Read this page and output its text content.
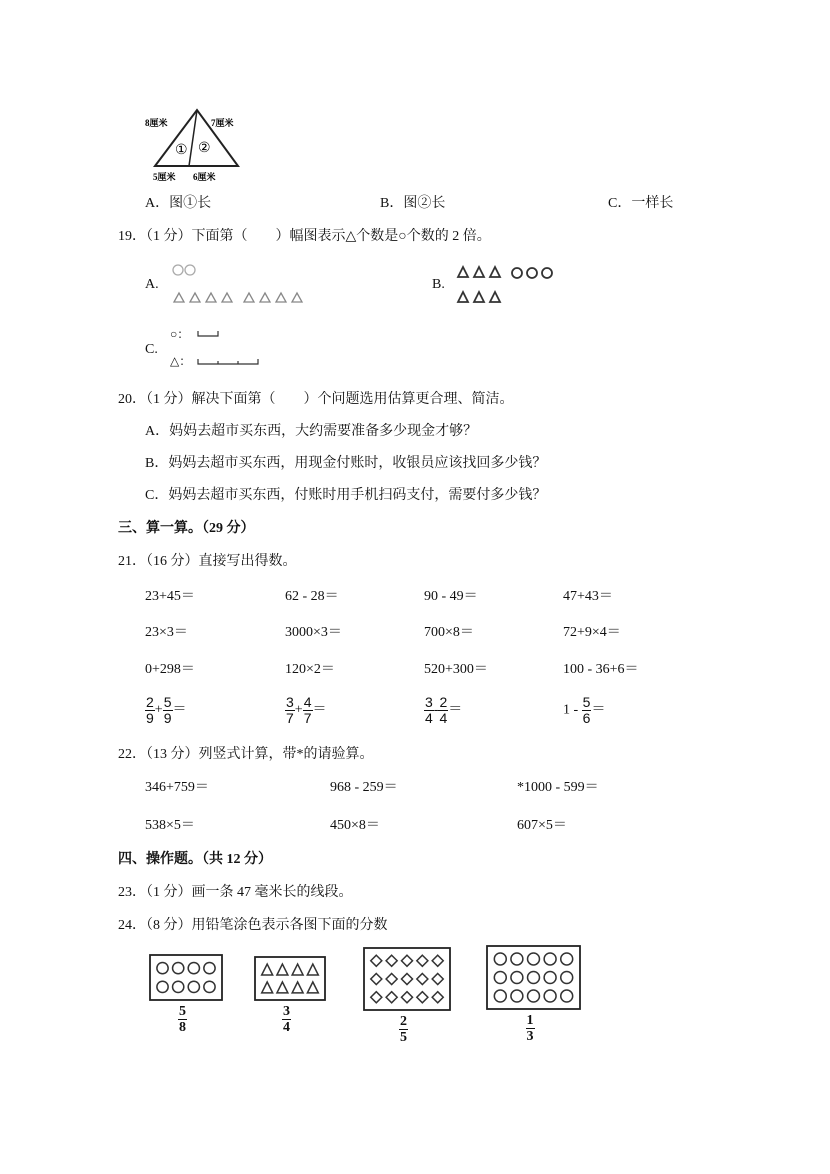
8厘米	7厘米
5厘米 6厘米
① ②
A．图①长	B．图②长	C．一样长
19．（1 分）下面第（　　）幅图表示△个数是○个数的 2 倍。
A.	B.
C.
○：
△：
20．（1 分）解决下面第（　　）个问题选用估算更合理、简洁。
A．妈妈去超市买东西，大约需要准备多少现金才够？
B．妈妈去超市买东西，用现金付账时，收银员应该找回多少钱？
C．妈妈去超市买东西，付账时用手机扫码支付，需要付多少钱？
三、算一算。（29 分）
21．（16 分）直接写出得数。
23+45＝	62 - 28＝	90 - 49＝	47+43＝
23×3＝	3000×3＝	700×8＝	72+9×4＝
0+298＝	120×2＝	520+300＝	100 - 36+6＝
$\frac{2}{9} + \frac{5}{9}$ ＝	$\frac{3}{7} + \frac{4}{7}$ ＝	$\frac{3}{4} - \frac{2}{4}$ ＝	$1 - \frac{5}{6}$ ＝
22．（13 分）列竖式计算，带*的请验算。
346+759＝	968 - 259＝	*1000 - 599＝
538×5＝	450×8＝	607×5＝
四、操作题。（共 12 分）
23．（1 分）画一条 47 毫米长的线段。
24．（8 分）用铅笔涂色表示各图下面的分数
$\frac{5}{8}$	$\frac{3}{4}$	$\frac{2}{5}$	$\frac{1}{3}$
